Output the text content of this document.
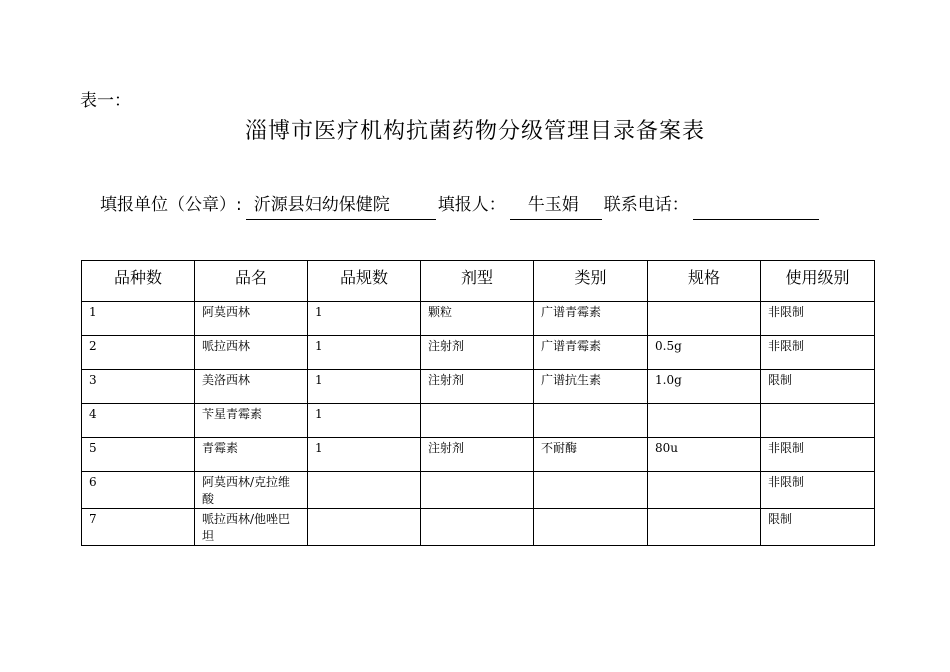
表一：
淄博市医疗机构抗菌药物分级管理目录备案表
填报单位（公章）: 沂源县妇幼保健院	填报人：	牛玉娟	联系电话：
品种数	品名	品规数	剂型	类别	规格	使用级别
1	阿莫西林	1	颗粒	广谱青霉素		非限制
2	哌拉西林	1	注射剂	广谱青霉素	0.5g	非限制
3	美洛西林	1	注射剂	广谱抗生素	1.0g	限制
4	苄星青霉素	1				
5	青霉素	1	注射剂	不耐酶	80u	非限制
6	阿莫西林/克拉维酸					非限制
7	哌拉西林/他唑巴坦					限制
